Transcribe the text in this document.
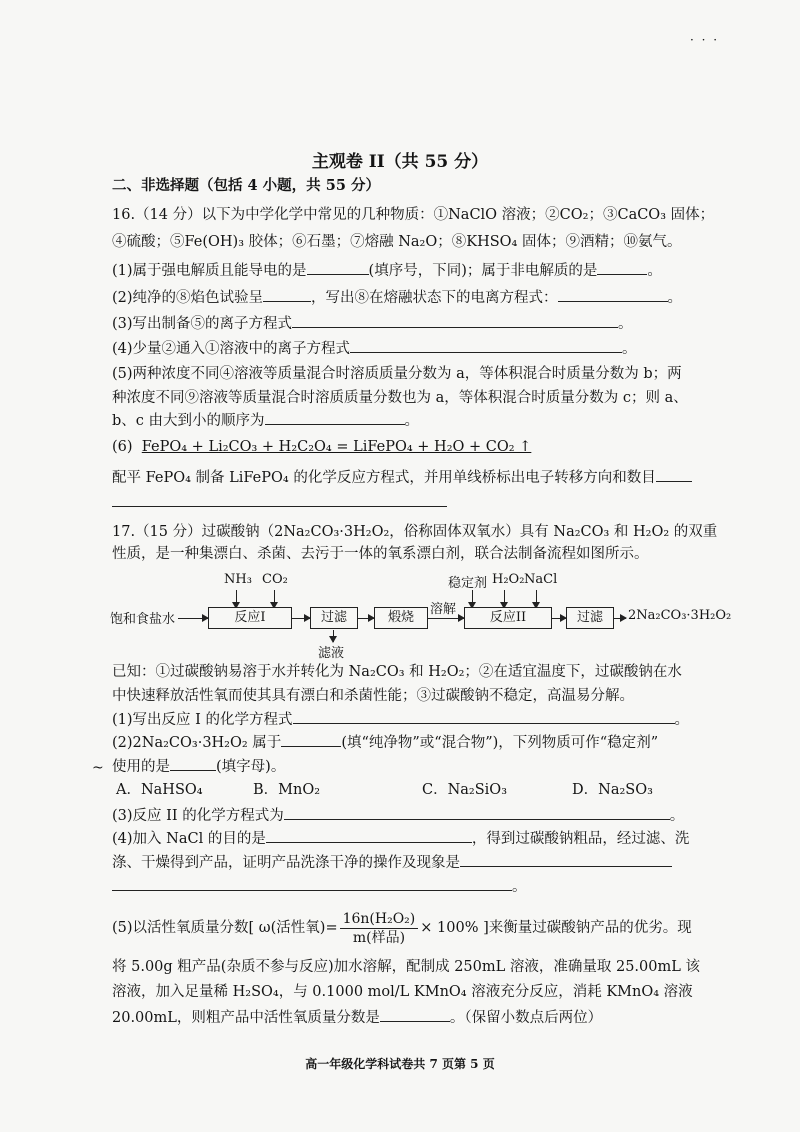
· · ·
主观卷 II（共 55 分）
二、非选择题（包括 4 小题，共 55 分）
16.（14 分）以下为中学化学中常见的几种物质：①NaClO 溶液；②CO₂；③CaCO₃ 固体；
④硫酸；⑤Fe(OH)₃ 胶体；⑥石墨；⑦熔融 Na₂O；⑧KHSO₄ 固体；⑨酒精；⑩氨气。
(1)属于强电解质且能导电的是	(填序号，下同)；属于非电解质的是	。
(2)纯净的⑧焰色试验呈	，写出⑧在熔融状态下的电离方程式：	。
(3)写出制备⑤的离子方程式	。
(4)少量②通入①溶液中的离子方程式	。
(5)两种浓度不同④溶液等质量混合时溶质质量分数为 a，等体积混合时质量分数为 b；两
种浓度不同⑨溶液等质量混合时溶质质量分数也为 a，等体积混合时质量分数为 c；则 a、
b、c 由大到小的顺序为	。
(6) FePO₄ + Li₂CO₃ + H₂C₂O₄ = LiFePO₄ + H₂O + CO₂ ↑
配平 FePO₄ 制备 LiFePO₄ 的化学反应方程式，并用单线桥标出电子转移方向和数目
17.（15 分）过碳酸钠（2Na₂CO₃·3H₂O₂，俗称固体双氧水）具有 Na₂CO₃ 和 H₂O₂ 的双重
性质，是一种集漂白、杀菌、去污于一体的氧系漂白剂，联合法制备流程如图所示。
饱和食盐水
NH₃ CO₂
反应I	过滤
滤液
煅烧
溶解
稳定剂 H₂O₂ NaCl
反应II	过滤	2Na₂CO₃·3H₂O₂
已知：①过碳酸钠易溶于水并转化为 Na₂CO₃ 和 H₂O₂；②在适宜温度下，过碳酸钠在水
中快速释放活性氧而使其具有漂白和杀菌性能；③过碳酸钠不稳定，高温易分解。
(1)写出反应 I 的化学方程式	。
(2)2Na₂CO₃·3H₂O₂ 属于	(填“纯净物”或“混合物”)，下列物质可作“稳定剂”
~ 使用的是	(填字母)。
A．NaHSO₄	B．MnO₂	C．Na₂SiO₃	D．Na₂SO₃
(3)反应 II 的化学方程式为	。
(4)加入 NaCl 的目的是	，得到过碳酸钠粗品，经过滤、洗
涤、干燥得到产品，证明产品洗涤干净的操作及现象是
。
(5)以活性氧质量分数[ ω(活性氧)= $\frac{\text{16n(H₂O₂)}}{\text{m(样品)}} \times 100\%$ ]来衡量过碳酸钠产品的优劣。现
将 5.00g 粗产品(杂质不参与反应)加水溶解，配制成 250mL 溶液，准确量取 25.00mL 该
溶液，加入足量稀 H₂SO₄，与 0.1000 mol/L KMnO₄ 溶液充分反应，消耗 KMnO₄ 溶液
20.00mL，则粗产品中活性氧质量分数是	。（保留小数点后两位）
高一年级化学科试卷共 7 页第 5 页
